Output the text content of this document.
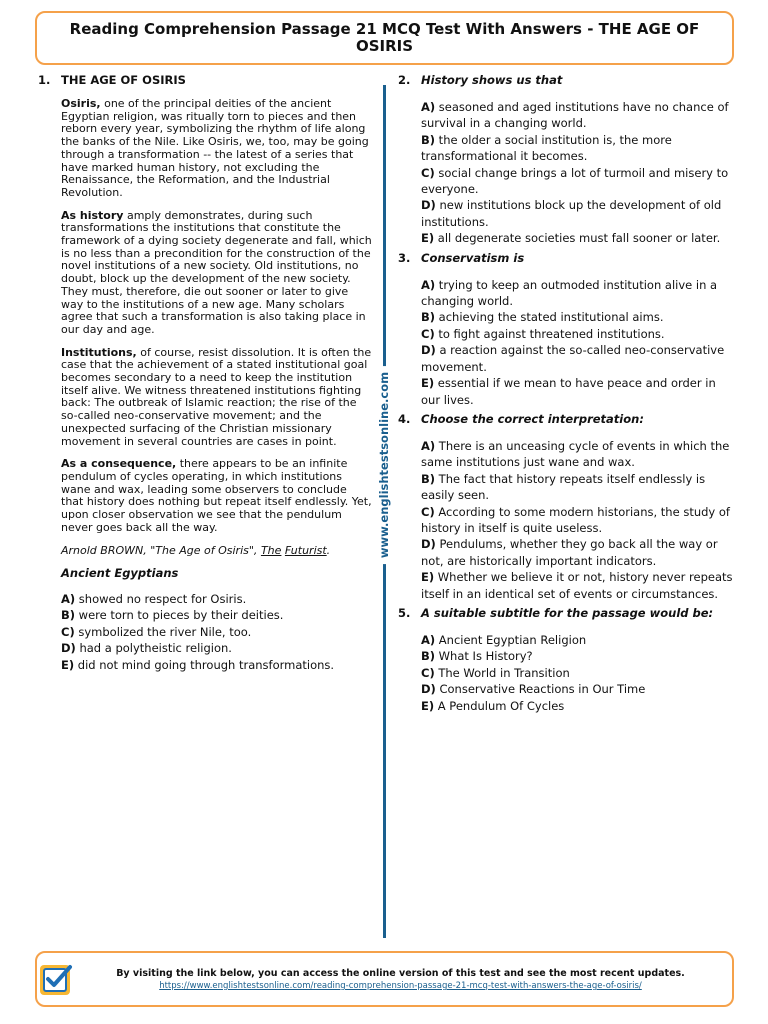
Reading Comprehension Passage 21 MCQ Test With Answers - THE AGE OF OSIRIS
www.englishtestsonline.com
1. THE AGE OF OSIRIS

Osiris, one of the principal deities of the ancient Egyptian religion, was ritually torn to pieces and then reborn every year, symbolizing the rhythm of life along the banks of the Nile. Like Osiris, we, too, may be going through a transformation -- the latest of a series that have marked human history, not excluding the Renaissance, the Reformation, and the Industrial Revolution.

As history amply demonstrates, during such transformations the institutions that constitute the framework of a dying society degenerate and fall, which is no less than a precondition for the construction of the novel institutions of a new society. Old institutions, no doubt, block up the development of the new society. They must, therefore, die out sooner or later to give way to the institutions of a new age. Many scholars agree that such a transformation is also taking place in our day and age.

Institutions, of course, resist dissolution. It is often the case that the achievement of a stated institutional goal becomes secondary to a need to keep the institution itself alive. We witness threatened institutions fighting back: The outbreak of Islamic reaction; the rise of the so-called neo-conservative movement; and the unexpected surfacing of the Christian missionary movement in several countries are cases in point.

As a consequence, there appears to be an infinite pendulum of cycles operating, in which institutions wane and wax, leading some observers to conclude that history does nothing but repeat itself endlessly. Yet, upon closer observation we see that the pendulum never goes back all the way.

Arnold BROWN, "The Age of Osiris", The Futurist.

Ancient Egyptians

A) showed no respect for Osiris.
B) were torn to pieces by their deities.
C) symbolized the river Nile, too.
D) had a polytheistic religion.
E) did not mind going through transformations.
2. History shows us that
A) seasoned and aged institutions have no chance of survival in a changing world.
B) the older a social institution is, the more transformational it becomes.
C) social change brings a lot of turmoil and misery to everyone.
D) new institutions block up the development of old institutions.
E) all degenerate societies must fall sooner or later.
3. Conservatism is
A) trying to keep an outmoded institution alive in a changing world.
B) achieving the stated institutional aims.
C) to fight against threatened institutions.
D) a reaction against the so-called neo-conservative movement.
E) essential if we mean to have peace and order in our lives.
4. Choose the correct interpretation:
A) There is an unceasing cycle of events in which the same institutions just wane and wax.
B) The fact that history repeats itself endlessly is easily seen.
C) According to some modern historians, the study of history in itself is quite useless.
D) Pendulums, whether they go back all the way or not, are historically important indicators.
E) Whether we believe it or not, history never repeats itself in an identical set of events or circumstances.
5. A suitable subtitle for the passage would be:
A) Ancient Egyptian Religion
B) What Is History?
C) The World in Transition
D) Conservative Reactions in Our Time
E) A Pendulum Of Cycles
By visiting the link below, you can access the online version of this test and see the most recent updates.
https://www.englishtestsonline.com/reading-comprehension-passage-21-mcq-test-with-answers-the-age-of-osiris/
